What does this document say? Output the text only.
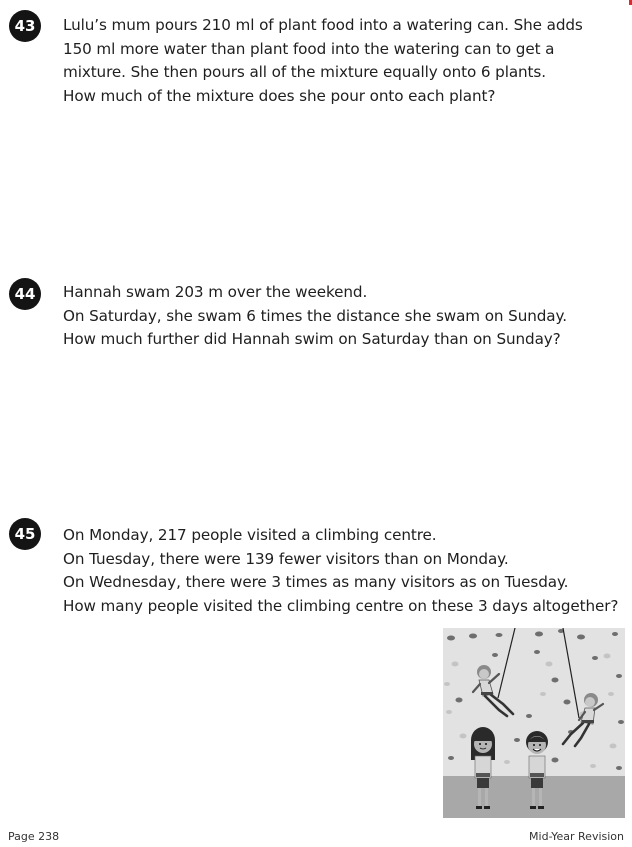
43	Lulu’s mum pours 210 ml of plant food into a watering can. She adds
150 ml more water than plant food into the watering can to get a
mixture. She then pours all of the mixture equally onto 6 plants.
How much of the mixture does she pour onto each plant?
44	Hannah swam 203 m over the weekend.
On Saturday, she swam 6 times the distance she swam on Sunday.
How much further did Hannah swim on Saturday than on Sunday?
45	On Monday, 217 people visited a climbing centre.
On Tuesday, there were 139 fewer visitors than on Monday.
On Wednesday, there were 3 times as many visitors as on Tuesday.
How many people visited the climbing centre on these 3 days altogether?
Page 238	Mid-Year Revision
